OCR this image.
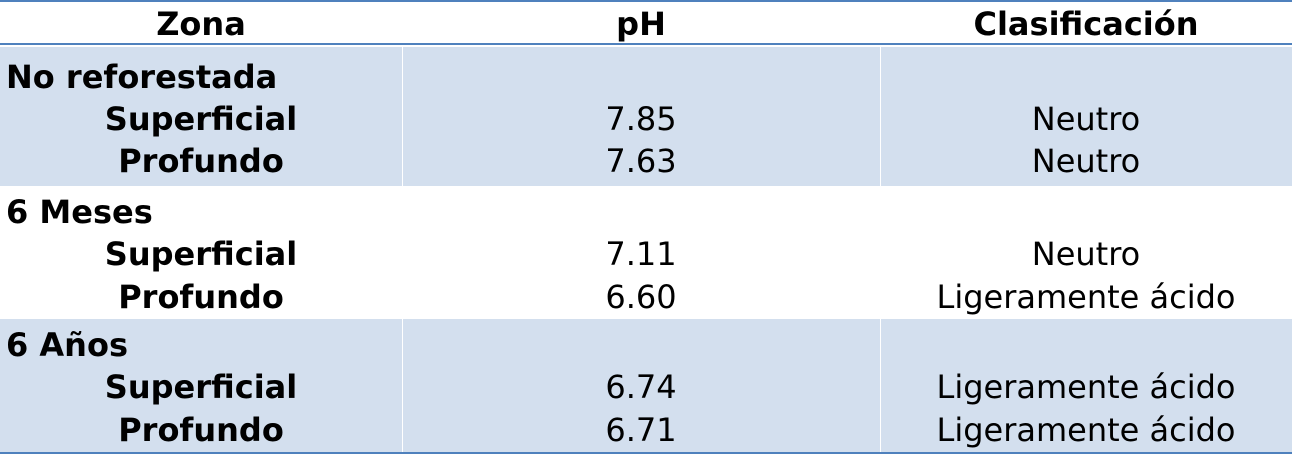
Zona	pH	Clasificación
No reforestada
Superficial	7.85	Neutro
Profundo	7.63	Neutro
6 Meses
Superficial	7.11	Neutro
Profundo	6.60	Ligeramente ácido
6 Años
Superficial	6.74	Ligeramente ácido
Profundo	6.71	Ligeramente ácido
